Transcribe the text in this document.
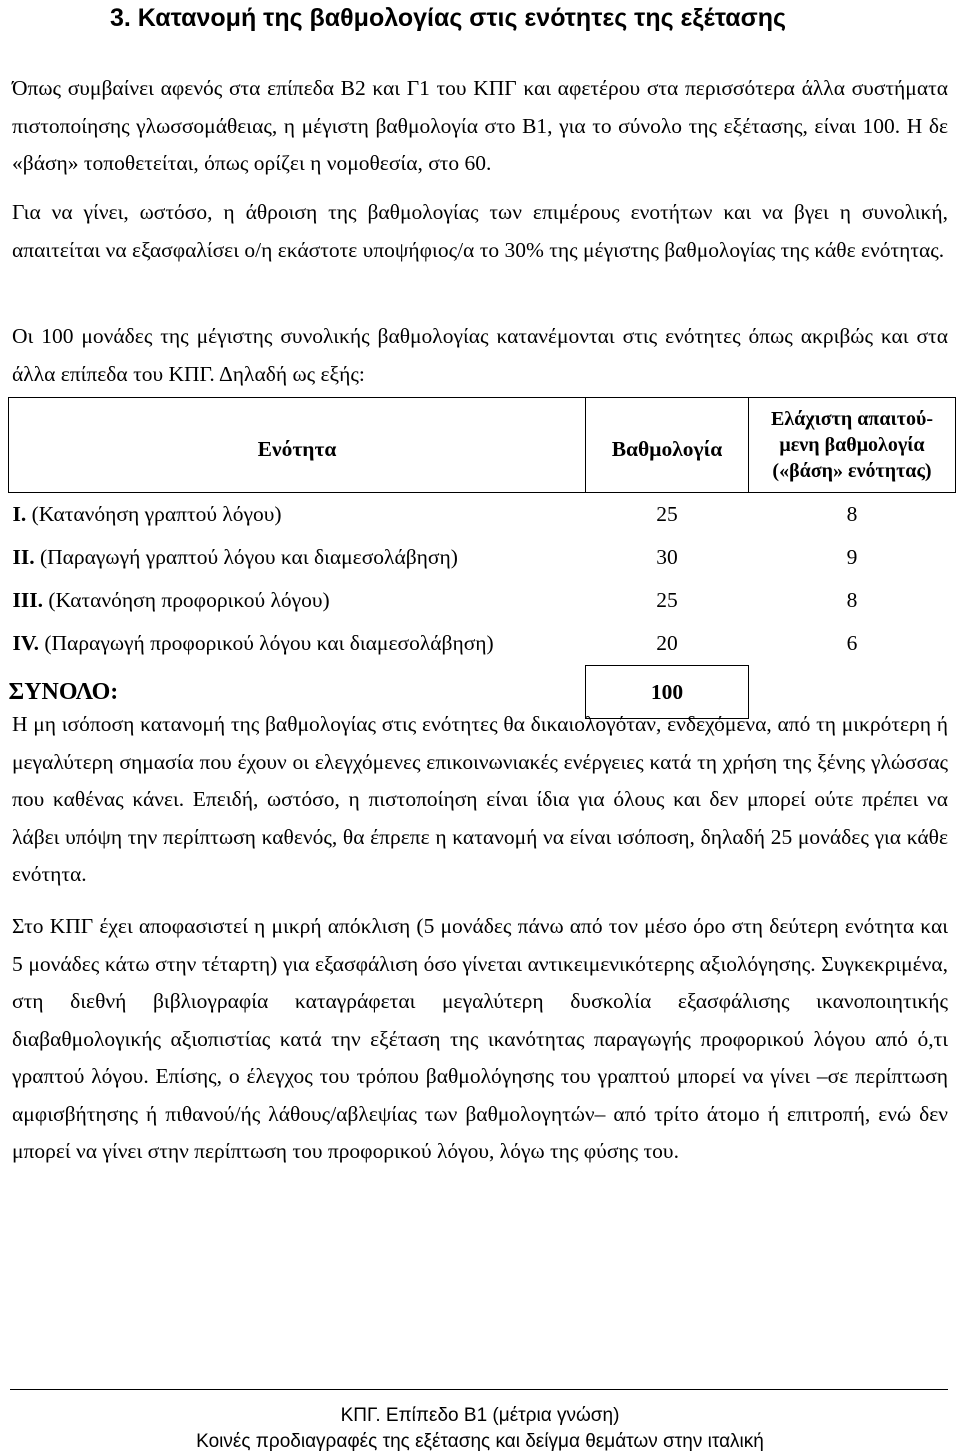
3. Κατανομή της βαθμολογίας στις ενότητες της εξέτασης

Όπως συμβαίνει αφενός στα επίπεδα Β2 και Γ1 του ΚΠΓ και αφετέρου στα περισσότερα άλλα συστήματα πιστοποίησης γλωσσομάθειας, η μέγιστη βαθμολογία στο Β1, για το σύνολο της εξέτασης, είναι 100. Η δε «βάση» τοποθετείται, όπως ορίζει η νομοθεσία, στο 60.

Για να γίνει, ωστόσο, η άθροιση της βαθμολογίας των επιμέρους ενοτήτων και να βγει η συνολική, απαιτείται να εξασφαλίσει ο/η εκάστοτε υποψήφιος/α το 30% της μέγιστης βαθμολογίας της κάθε ενότητας.

Οι 100 μονάδες της μέγιστης συνολικής βαθμολογίας κατανέμονται στις ενότητες όπως ακριβώς και στα άλλα επίπεδα του ΚΠΓ. Δηλαδή ως εξής:

Ενότητα	Βαθμολογία	Ελάχιστη απαιτού-
μενη βαθμολογία
(«βάση» ενότητας)

I. (Κατανόηση γραπτού λόγου)	25	8
II. (Παραγωγή γραπτού λόγου και διαμεσολάβηση)	30	9
III. (Κατανόηση προφορικού λόγου)	25	8
IV. (Παραγωγή προφορικού λόγου και διαμεσολάβηση)	20	6
ΣΥΝΟΛΟ:	100	

Η μη ισόποση κατανομή της βαθμολογίας στις ενότητες θα δικαιολογόταν, ενδεχόμενα, από τη μικρότερη ή μεγαλύτερη σημασία που έχουν οι ελεγχόμενες επικοινωνιακές ενέργειες κατά τη χρήση της ξένης γλώσσας που καθένας κάνει. Επειδή, ωστόσο, η πιστοποίηση είναι ίδια για όλους και δεν μπορεί ούτε πρέπει να λάβει υπόψη την περίπτωση καθενός, θα έπρεπε η κατανομή να είναι ισόποση, δηλαδή 25 μονάδες για κάθε ενότητα.

Στο ΚΠΓ έχει αποφασιστεί η μικρή απόκλιση (5 μονάδες πάνω από τον μέσο όρο στη δεύτερη ενότητα και 5 μονάδες κάτω στην τέταρτη) για εξασφάλιση όσο γίνεται αντικειμενικότερης αξιολόγησης. Συγκεκριμένα, στη διεθνή βιβλιογραφία καταγράφεται μεγαλύτερη δυσκολία εξασφάλισης ικανοποιητικής διαβαθμολογικής αξιοπιστίας κατά την εξέταση της ικανότητας παραγωγής προφορικού λόγου από ό,τι γραπτού λόγου. Επίσης, ο έλεγχος του τρόπου βαθμολόγησης του γραπτού μπορεί να γίνει –σε περίπτωση αμφισβήτησης ή πιθανού/ής λάθους/αβλεψίας των βαθμολογητών– από τρίτο άτομο ή επιτροπή, ενώ δεν μπορεί να γίνει στην περίπτωση του προφορικού λόγου, λόγω της φύσης του.

ΚΠΓ. Επίπεδο Β1 (μέτρια γνώση)
Κοινές προδιαγραφές της εξέτασης και δείγμα θεμάτων στην ιταλική
